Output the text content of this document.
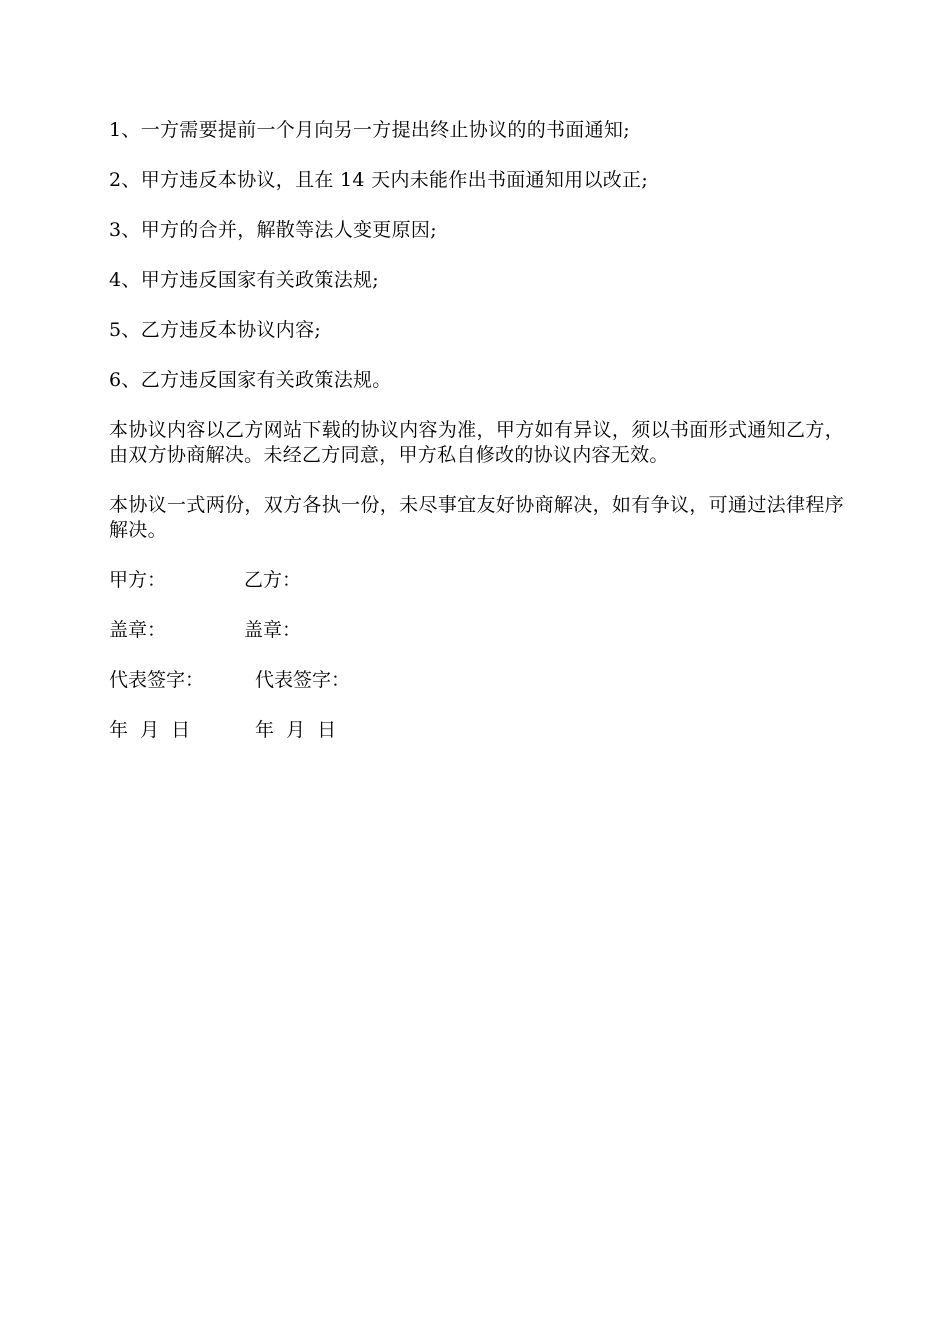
1、一方需要提前一个月向另一方提出终止协议的的书面通知;

2、甲方违反本协议，且在 14 天内未能作出书面通知用以改正;

3、甲方的合并，解散等法人变更原因;

4、甲方违反国家有关政策法规;

5、乙方违反本协议内容;

6、乙方违反国家有关政策法规。

本协议内容以乙方网站下载的协议内容为准，甲方如有异议，须以书面形式通知乙方，由双方协商解决。未经乙方同意，甲方私自修改的协议内容无效。

本协议一式两份，双方各执一份，未尽事宜友好协商解决，如有争议，可通过法律程序解决。

甲方：	乙方：
盖章：	盖章：
代表签字：	代表签字：
年  月  日	年  月  日
